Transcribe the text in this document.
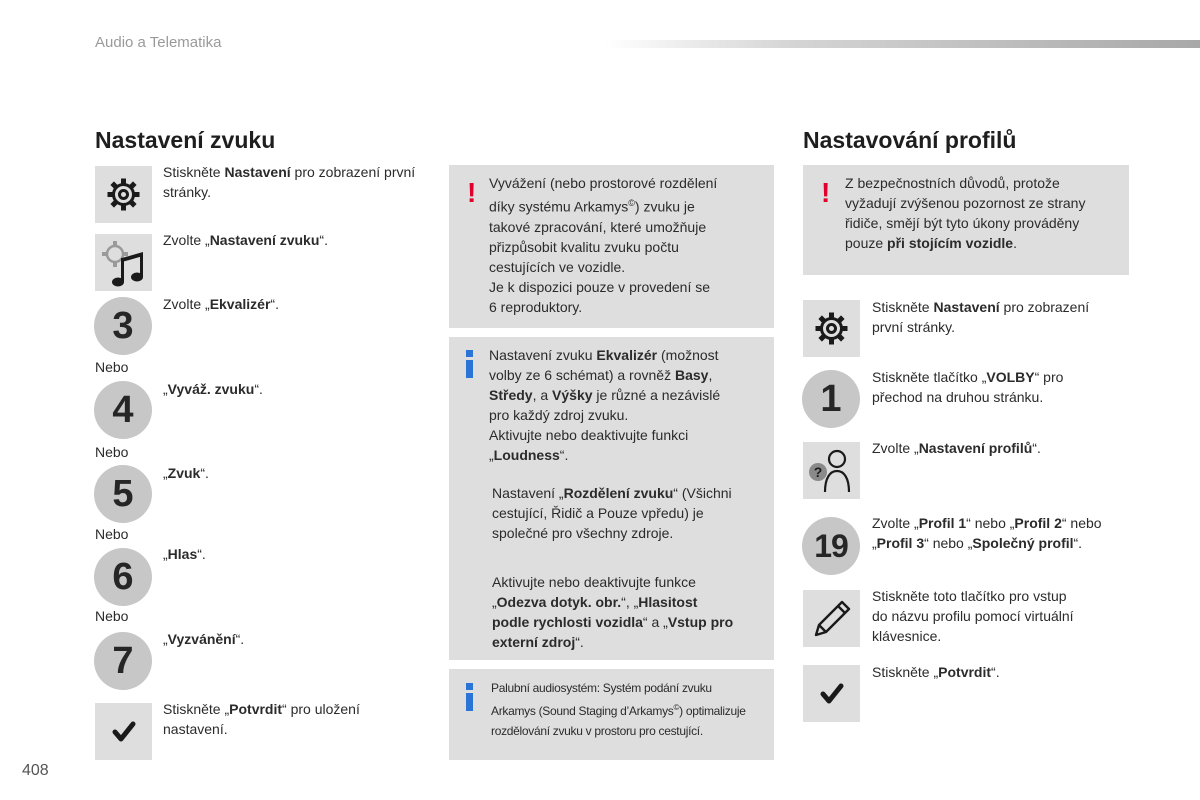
Audio a Telematika
408
Nastavení zvuku
Stiskněte Nastavení pro zobrazení první stránky.
Zvolte „Nastavení zvuku“.
3
Zvolte „Ekvalizér“.
Nebo
4	„Vyváž. zvuku“.
Nebo
5	„Zvuk“.
Nebo
6
„Hlas“.
Nebo
7
„Vyzvánění“.
Stiskněte „Potvrdit“ pro uložení nastavení.
! Vyvážení (nebo prostorové rozdělení
díky systému Arkamys©) zvuku je
takové zpracování, které umožňuje
přizpůsobit kvalitu zvuku počtu
cestujících ve vozidle.
Je k dispozici pouze v provedení se
6 reproduktory.
Nastavení zvuku Ekvalizér (možnost
volby ze 6 schémat) a rovněž Basy,
Středy, a Výšky je různé a nezávislé
pro každý zdroj zvuku.
Aktivujte nebo deaktivujte funkci
„Loudness“.
Nastavení „Rozdělení zvuku“ (Všichni
cestující, Řidič a Pouze vpředu) je
společné pro všechny zdroje.
Aktivujte nebo deaktivujte funkce
„Odezva dotyk. obr.“, „Hlasitost
podle rychlosti vozidla“ a „Vstup pro
externí zdroj“.
Palubní audiosystém: Systém podání zvuku
Arkamys (Sound Staging d’Arkamys©) optimalizuje
rozdělování zvuku v prostoru pro cestující.
Nastavování profilů
! Z bezpečnostních důvodů, protože
vyžadují zvýšenou pozornost ze strany
řidiče, smějí být tyto úkony prováděny
pouze při stojícím vozidle.
Stiskněte Nastavení pro zobrazení
první stránky.
1
Stiskněte tlačítko „VOLBY“ pro
přechod na druhou stránku.
?
Zvolte „Nastavení profilů“.
19
Zvolte „Profil 1“ nebo „Profil 2“ nebo
„Profil 3“ nebo „Společný profil“.
Stiskněte toto tlačítko pro vstup
do názvu profilu pomocí virtuální
klávesnice.
Stiskněte „Potvrdit“.
